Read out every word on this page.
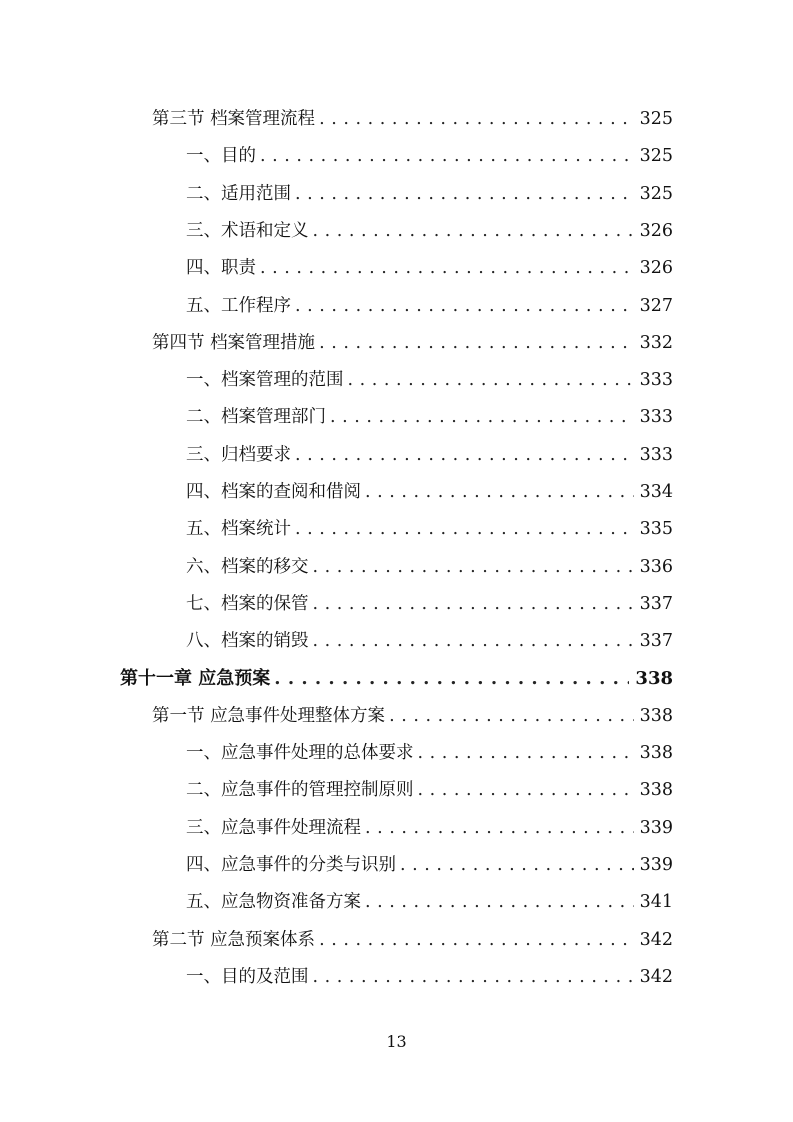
第三节 档案管理流程 . . .	325
一、目的 . . .	325
二、适用范围 . . .	325
三、术语和定义 . . .	326
四、职责 . . .	326
五、工作程序 . . .	327
第四节 档案管理措施 . . .	332
一、档案管理的范围 . . .	333
二、档案管理部门 . . .	333
三、归档要求 . . .	333
四、档案的查阅和借阅 . . .	334
五、档案统计 . . .	335
六、档案的移交 . . .	336
七、档案的保管 . . .	337
八、档案的销毁 . . .	337
第十一章 应急预案 . . .	338
第一节 应急事件处理整体方案 . . .	338
一、应急事件处理的总体要求 . . .	338
二、应急事件的管理控制原则 . . .	338
三、应急事件处理流程 . . .	339
四、应急事件的分类与识别 . . .	339
五、应急物资准备方案 . . .	341
第二节 应急预案体系 . . .	342
一、目的及范围 . . .	342
13
